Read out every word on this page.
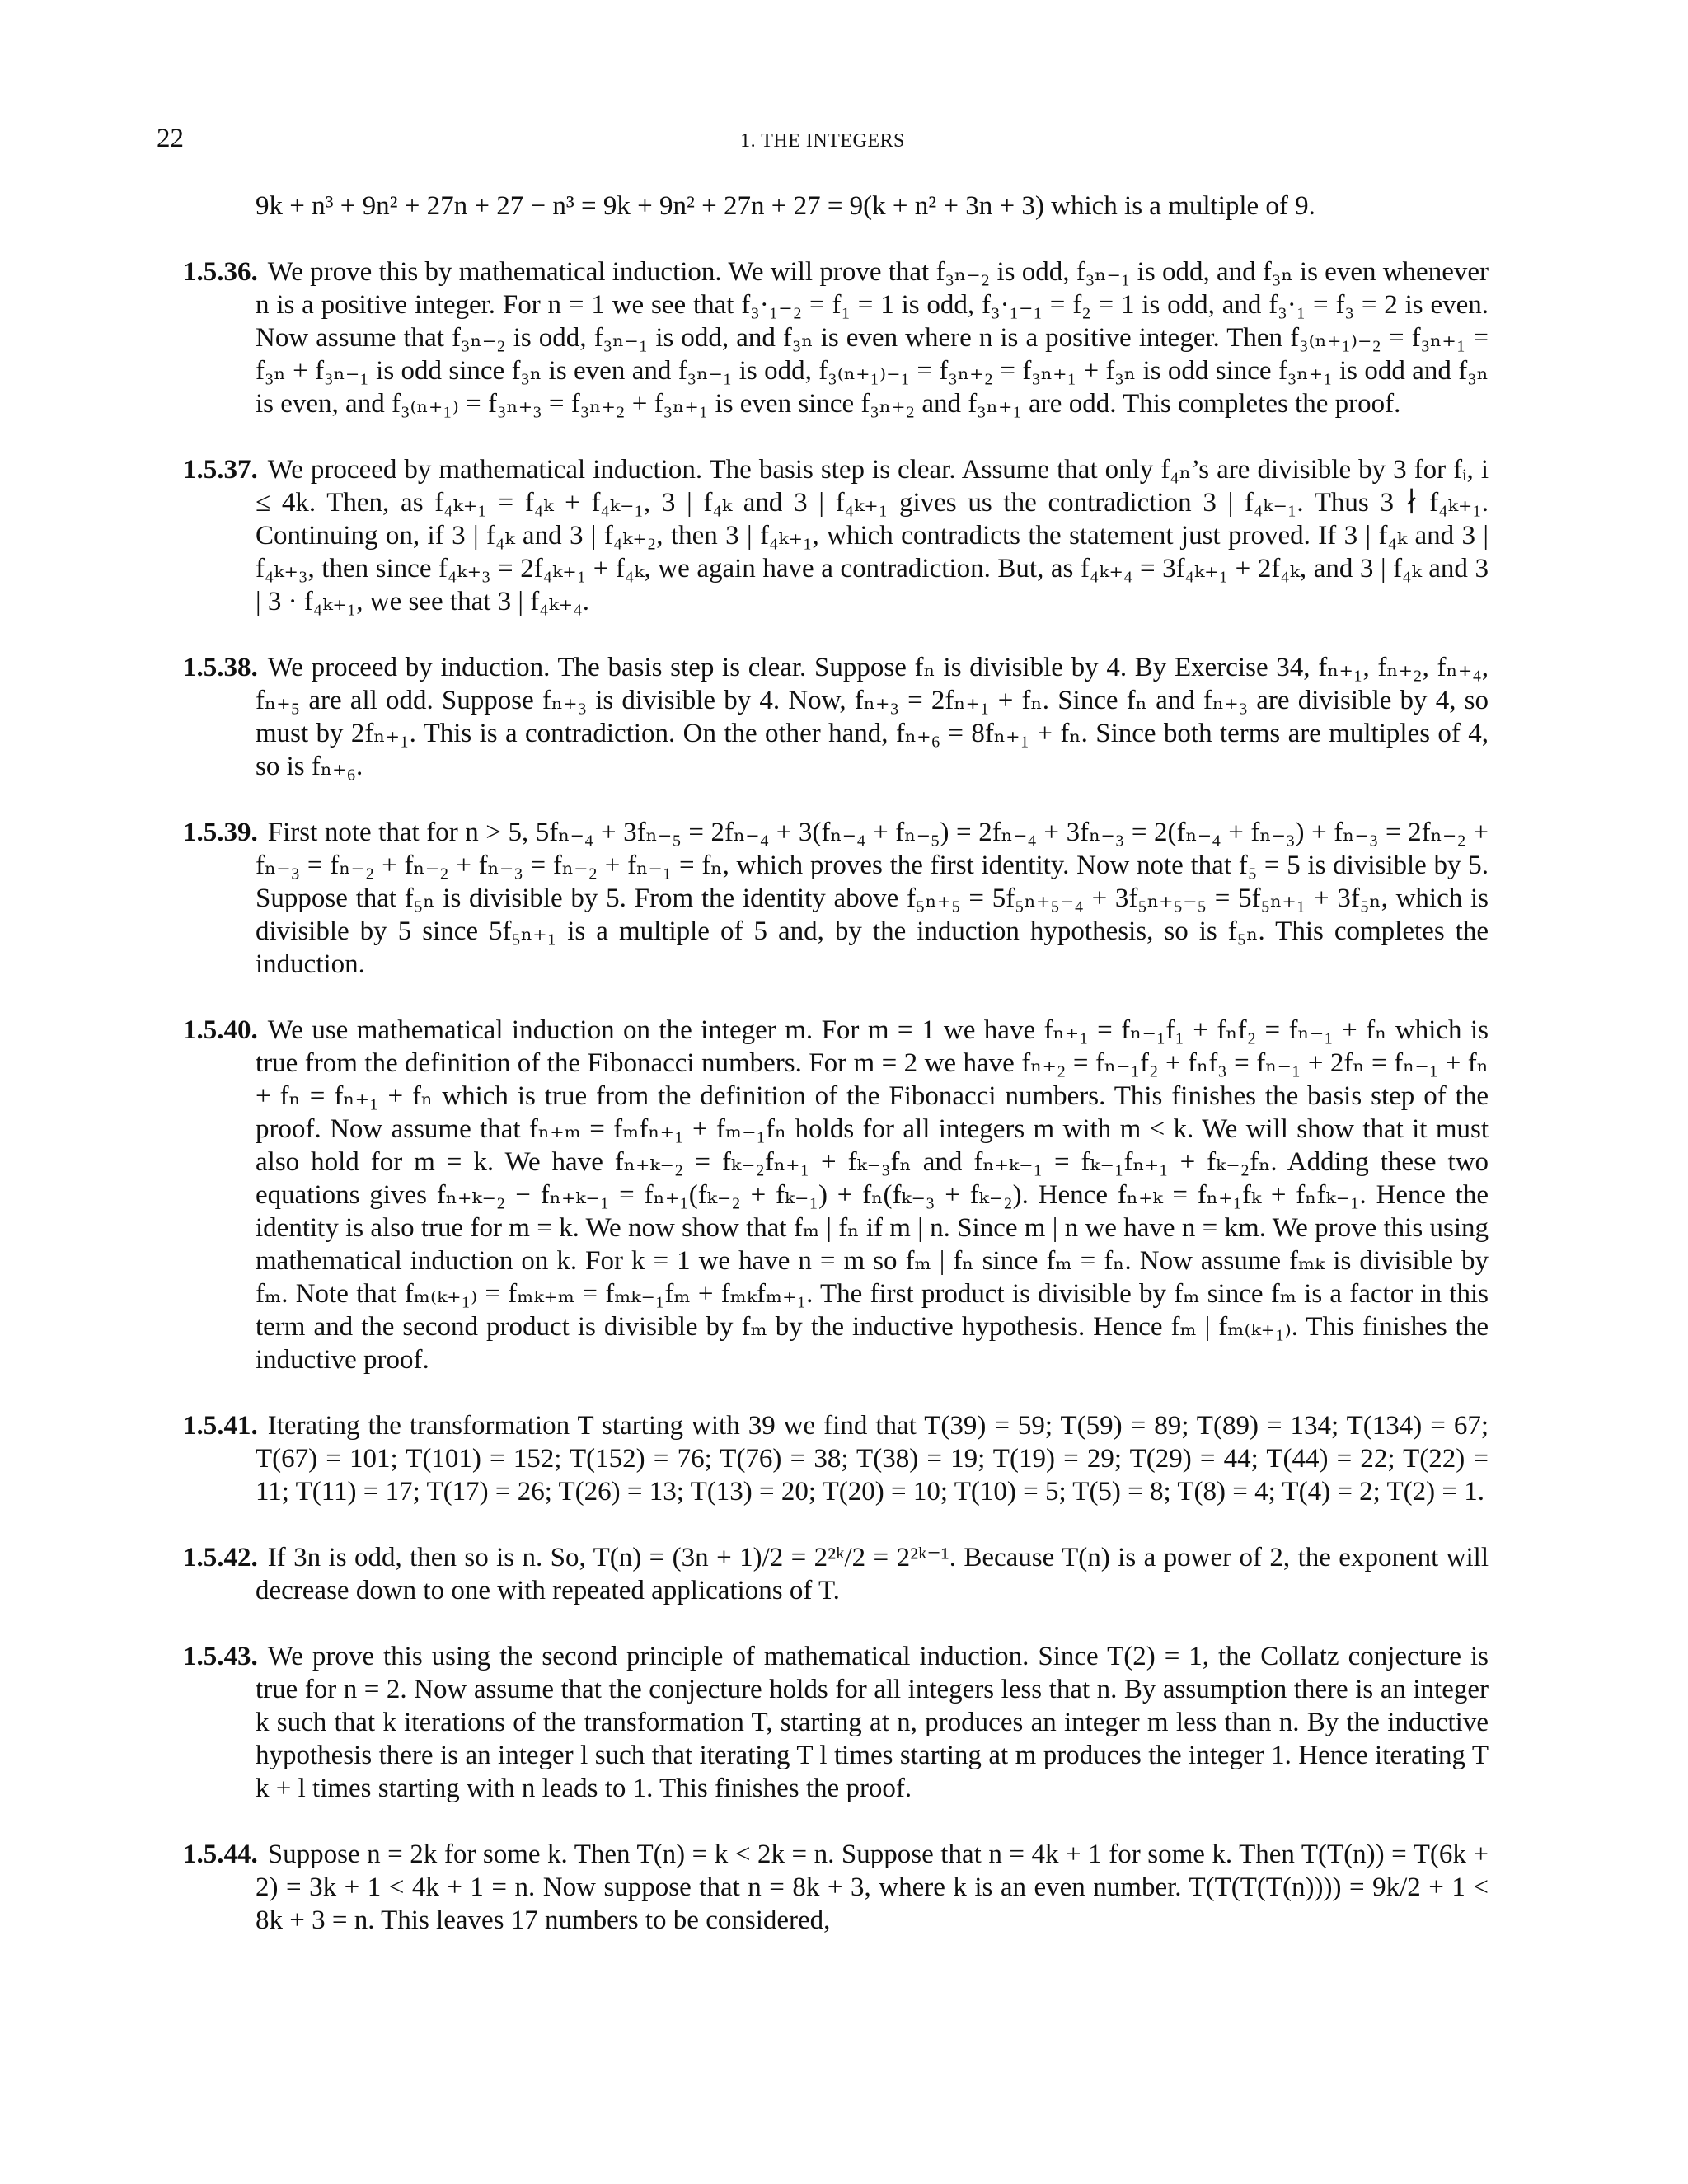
22	1. THE INTEGERS

9k + n³ + 9n² + 27n + 27 − n³ = 9k + 9n² + 27n + 27 = 9(k + n² + 3n + 3) which is a multiple of 9.

1.5.36. We prove this by mathematical induction. We will prove that f₃ₙ₋₂ is odd, f₃ₙ₋₁ is odd, and f₃ₙ is even whenever n is a positive integer. For n = 1 we see that f₃·₁₋₂ = f₁ = 1 is odd, f₃·₁₋₁ = f₂ = 1 is odd, and f₃·₁ = f₃ = 2 is even. Now assume that f₃ₙ₋₂ is odd, f₃ₙ₋₁ is odd, and f₃ₙ is even where n is a positive integer. Then f₃₍ₙ₊₁₎₋₂ = f₃ₙ₊₁ = f₃ₙ + f₃ₙ₋₁ is odd since f₃ₙ is even and f₃ₙ₋₁ is odd, f₃₍ₙ₊₁₎₋₁ = f₃ₙ₊₂ = f₃ₙ₊₁ + f₃ₙ is odd since f₃ₙ₊₁ is odd and f₃ₙ is even, and f₃₍ₙ₊₁₎ = f₃ₙ₊₃ = f₃ₙ₊₂ + f₃ₙ₊₁ is even since f₃ₙ₊₂ and f₃ₙ₊₁ are odd. This completes the proof.

1.5.37. We proceed by mathematical induction. The basis step is clear. Assume that only f₄ₙ’s are divisible by 3 for fᵢ, i ≤ 4k. Then, as f₄ₖ₊₁ = f₄ₖ + f₄ₖ₋₁, 3 | f₄ₖ and 3 | f₄ₖ₊₁ gives us the contradiction 3 | f₄ₖ₋₁. Thus 3 ∤ f₄ₖ₊₁. Continuing on, if 3 | f₄ₖ and 3 | f₄ₖ₊₂, then 3 | f₄ₖ₊₁, which contradicts the statement just proved. If 3 | f₄ₖ and 3 | f₄ₖ₊₃, then since f₄ₖ₊₃ = 2f₄ₖ₊₁ + f₄ₖ, we again have a contradiction. But, as f₄ₖ₊₄ = 3f₄ₖ₊₁ + 2f₄ₖ, and 3 | f₄ₖ and 3 | 3 · f₄ₖ₊₁, we see that 3 | f₄ₖ₊₄.

1.5.38. We proceed by induction. The basis step is clear. Suppose fₙ is divisible by 4. By Exercise 34, fₙ₊₁, fₙ₊₂, fₙ₊₄, fₙ₊₅ are all odd. Suppose fₙ₊₃ is divisible by 4. Now, fₙ₊₃ = 2fₙ₊₁ + fₙ. Since fₙ and fₙ₊₃ are divisible by 4, so must by 2fₙ₊₁. This is a contradiction. On the other hand, fₙ₊₆ = 8fₙ₊₁ + fₙ. Since both terms are multiples of 4, so is fₙ₊₆.

1.5.39. First note that for n > 5, 5fₙ₋₄ + 3fₙ₋₅ = 2fₙ₋₄ + 3(fₙ₋₄ + fₙ₋₅) = 2fₙ₋₄ + 3fₙ₋₃ = 2(fₙ₋₄ + fₙ₋₃) + fₙ₋₃ = 2fₙ₋₂ + fₙ₋₃ = fₙ₋₂ + fₙ₋₂ + fₙ₋₃ = fₙ₋₂ + fₙ₋₁ = fₙ, which proves the first identity. Now note that f₅ = 5 is divisible by 5. Suppose that f₅ₙ is divisible by 5. From the identity above f₅ₙ₊₅ = 5f₅ₙ₊₅₋₄ + 3f₅ₙ₊₅₋₅ = 5f₅ₙ₊₁ + 3f₅ₙ, which is divisible by 5 since 5f₅ₙ₊₁ is a multiple of 5 and, by the induction hypothesis, so is f₅ₙ. This completes the induction.

1.5.40. We use mathematical induction on the integer m. For m = 1 we have fₙ₊₁ = fₙ₋₁f₁ + fₙf₂ = fₙ₋₁ + fₙ which is true from the definition of the Fibonacci numbers. For m = 2 we have fₙ₊₂ = fₙ₋₁f₂ + fₙf₃ = fₙ₋₁ + 2fₙ = fₙ₋₁ + fₙ + fₙ = fₙ₊₁ + fₙ which is true from the definition of the Fibonacci numbers. This finishes the basis step of the proof. Now assume that fₙ₊ₘ = fₘfₙ₊₁ + fₘ₋₁fₙ holds for all integers m with m < k. We will show that it must also hold for m = k. We have fₙ₊ₖ₋₂ = fₖ₋₂fₙ₊₁ + fₖ₋₃fₙ and fₙ₊ₖ₋₁ = fₖ₋₁fₙ₊₁ + fₖ₋₂fₙ. Adding these two equations gives fₙ₊ₖ₋₂ − fₙ₊ₖ₋₁ = fₙ₊₁(fₖ₋₂ + fₖ₋₁) + fₙ(fₖ₋₃ + fₖ₋₂). Hence fₙ₊ₖ = fₙ₊₁fₖ + fₙfₖ₋₁. Hence the identity is also true for m = k. We now show that fₘ | fₙ if m | n. Since m | n we have n = km. We prove this using mathematical induction on k. For k = 1 we have n = m so fₘ | fₙ since fₘ = fₙ. Now assume fₘₖ is divisible by fₘ. Note that fₘ₍ₖ₊₁₎ = fₘₖ₊ₘ = fₘₖ₋₁fₘ + fₘₖfₘ₊₁. The first product is divisible by fₘ since fₘ is a factor in this term and the second product is divisible by fₘ by the inductive hypothesis. Hence fₘ | fₘ₍ₖ₊₁₎. This finishes the inductive proof.

1.5.41. Iterating the transformation T starting with 39 we find that T(39) = 59; T(59) = 89; T(89) = 134; T(134) = 67; T(67) = 101; T(101) = 152; T(152) = 76; T(76) = 38; T(38) = 19; T(19) = 29; T(29) = 44; T(44) = 22; T(22) = 11; T(11) = 17; T(17) = 26; T(26) = 13; T(13) = 20; T(20) = 10; T(10) = 5; T(5) = 8; T(8) = 4; T(4) = 2; T(2) = 1.

1.5.42. If 3n is odd, then so is n. So, T(n) = (3n + 1)/2 = 2²ᵏ/2 = 2²ᵏ⁻¹. Because T(n) is a power of 2, the exponent will decrease down to one with repeated applications of T.

1.5.43. We prove this using the second principle of mathematical induction. Since T(2) = 1, the Collatz conjecture is true for n = 2. Now assume that the conjecture holds for all integers less that n. By assumption there is an integer k such that k iterations of the transformation T, starting at n, produces an integer m less than n. By the inductive hypothesis there is an integer l such that iterating T l times starting at m produces the integer 1. Hence iterating T k + l times starting with n leads to 1. This finishes the proof.

1.5.44. Suppose n = 2k for some k. Then T(n) = k < 2k = n. Suppose that n = 4k + 1 for some k. Then T(T(n)) = T(6k + 2) = 3k + 1 < 4k + 1 = n. Now suppose that n = 8k + 3, where k is an even number. T(T(T(T(n)))) = 9k/2 + 1 < 8k + 3 = n. This leaves 17 numbers to be considered,
